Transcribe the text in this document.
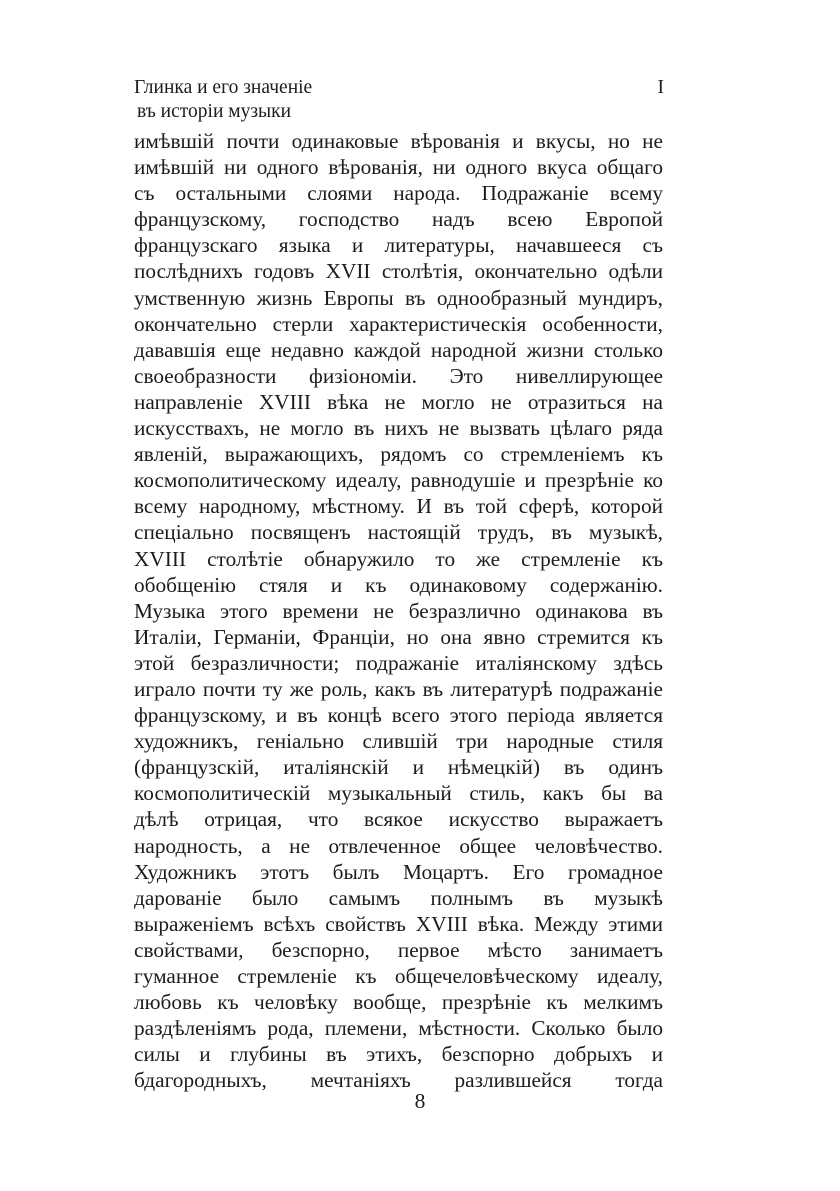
Глинка и его значенiе
въ исторiи музыки
I
имѣвшiй почти одинаковые вѣрованiя и вкусы, но не
имѣвшiй ни одного вѣрованiя, ни одного вкуса общаго
съ остальными слоями народа. Подражанiе всему
французскому, господство надъ всею Европой
французскаго языка и литературы, начавшееся съ
послѣднихъ годовъ XVII столѣтiя, окончательно одѣли
умственную жизнь Европы въ однообразный мундиръ,
окончательно стерли характеристическiя особенности,
дававшiя еще недавно каждой народной жизни столько
своеобразности физiономiи. Это нивеллирующее
направленiе XVIII вѣка не могло не отразиться на
искусствахъ, не могло въ нихъ не вызвать цѣлаго ряда
явленiй, выражающихъ, рядомъ со стремленiемъ къ
космополитическому идеалу, равнодушiе и презрѣнiе ко
всему народному, мѣстному. И въ той сферѣ, которой
спецiально посвященъ настоящiй трудъ, въ музыкѣ,
XVIII столѣтiе обнаружило то же стремленiе къ
обобщенiю стяля и къ одинаковому содержанiю.
Музыка этого времени не безразлично одинакова въ
Италiи, Германiи, Францiи, но она явно стремится къ
этой безразличности; подражанiе италiянскому здѣсь
играло почти ту же роль, какъ въ литературѣ подражанiе
французскому, и въ концѣ всего этого перiода является
художникъ, генiально слившiй три народные стиля
(французскiй, италiянскiй и нѣмецкiй) въ одинъ
космополитическiй музыкальный стиль, какъ бы ва
дѣлѣ отрицая, что всякое искусство выражаетъ
народность, а не отвлеченное общее человѣчество.
Художникъ этотъ былъ Моцартъ. Его громадное
дарованiе было самымъ полнымъ въ музыкѣ
выраженiемъ всѣхъ свойствъ XVIII вѣка. Между этими
свойствами, безспорно, первое мѣсто занимаетъ
гуманное стремленiе къ общечеловѣческому идеалу,
любовь къ человѣку вообще, презрѣнiе къ мелкимъ
раздѣленiямъ рода, племени, мѣстности. Сколько было
силы и глубины въ этихъ, безспорно добрыхъ и
бдагородныхъ, мечтанiяхъ разлившейся тогда
8
